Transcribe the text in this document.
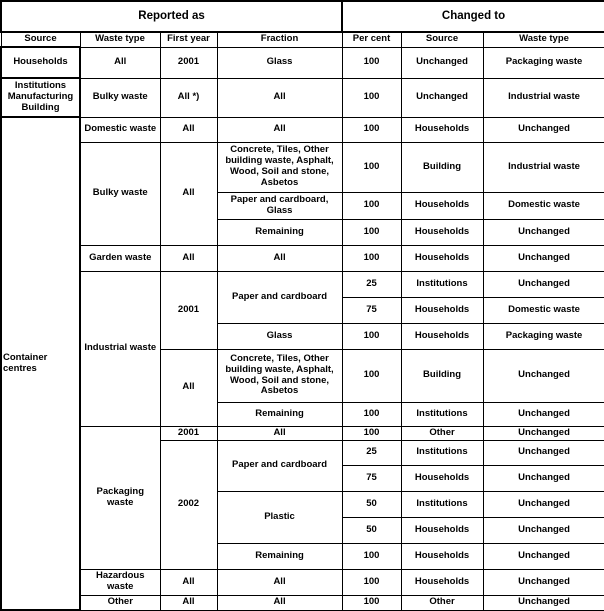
Reported as				Changed to		
Source	Waste type	First year	Fraction	Per cent	Source	Waste type
Households	All	2001	Glass	100	Unchanged	Packaging waste
Institutions Manufacturing Building	Bulky waste	All *)	All	100	Unchanged	Industrial waste
Container centres	Domestic waste	All	All	100	Households	Unchanged
	Bulky waste	All	Concrete, Tiles, Other building waste, Asphalt, Wood, Soil and stone, Asbetos	100	Building	Industrial waste
			Paper and cardboard, Glass	100	Households	Domestic waste
			Remaining	100	Households	Unchanged
	Garden waste	All	All	100	Households	Unchanged
	Industrial waste	2001	Paper and cardboard	25	Institutions	Unchanged
				75	Households	Domestic waste
			Glass	100	Households	Packaging waste
		All	Concrete, Tiles, Other building waste, Asphalt, Wood, Soil and stone, Asbetos	100	Building	Unchanged
			Remaining	100	Institutions	Unchanged
	Packaging waste	2001	All	100	Other	Unchanged
		2002	Paper and cardboard	25	Institutions	Unchanged
				75	Households	Unchanged
			Plastic	50	Institutions	Unchanged
				50	Households	Unchanged
			Remaining	100	Households	Unchanged

	Hazardous waste	All	All	100	Households	Unchanged
	Other	All	All	100	Other	Unchanged
